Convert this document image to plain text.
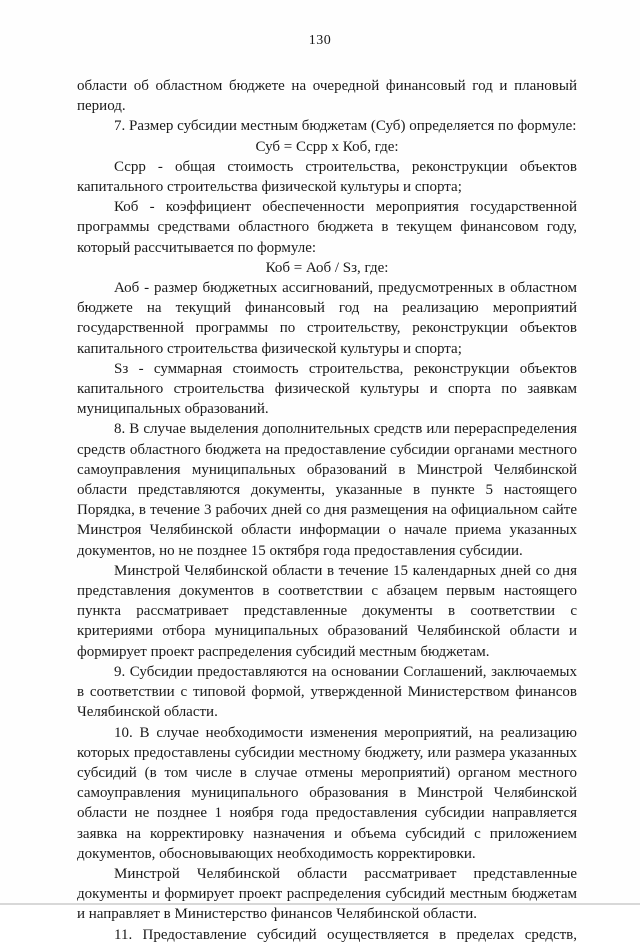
130

области об областном бюджете на очередной финансовый год и плановый период.

7. Размер субсидии местным бюджетам (Суб) определяется по формуле:

Суб = Ссрр х Коб, где:

Ссрр - общая стоимость строительства, реконструкции объектов капитального строительства физической культуры и спорта;

Коб - коэффициент обеспеченности мероприятия государственной программы средствами областного бюджета в текущем финансовом году, который рассчитывается по формуле:

Коб = Аоб / Sз, где:

Аоб - размер бюджетных ассигнований, предусмотренных в областном бюджете на текущий финансовый год на реализацию мероприятий государственной программы по строительству, реконструкции объектов капитального строительства физической культуры и спорта;

Sз - суммарная стоимость строительства, реконструкции объектов капитального строительства физической культуры и спорта по заявкам муниципальных образований.

8. В случае выделения дополнительных средств или перераспределения средств областного бюджета на предоставление субсидии органами местного самоуправления муниципальных образований в Минстрой Челябинской области представляются документы, указанные в пункте 5 настоящего Порядка, в течение 3 рабочих дней со дня размещения на официальном сайте Минстроя Челябинской области информации о начале приема указанных документов, но не позднее 15 октября года предоставления субсидии.

Минстрой Челябинской области в течение 15 календарных дней со дня представления документов в соответствии с абзацем первым настоящего пункта рассматривает представленные документы в соответствии с критериями отбора муниципальных образований Челябинской области и формирует проект распределения субсидий местным бюджетам.

9. Субсидии предоставляются на основании Соглашений, заключаемых в соответствии с типовой формой, утвержденной Министерством финансов Челябинской области.

10. В случае необходимости изменения мероприятий, на реализацию которых предоставлены субсидии местному бюджету, или размера указанных субсидий (в том числе в случае отмены мероприятий) органом местного самоуправления муниципального образования в Минстрой Челябинской области не позднее 1 ноября года предоставления субсидии направляется заявка на корректировку назначения и объема субсидий с приложением документов, обосновывающих необходимость корректировки.

Минстрой Челябинской области рассматривает представленные документы и формирует проект распределения субсидий местным бюджетам и направляет в Министерство финансов Челябинской области.

11. Предоставление субсидий осуществляется в пределах средств,
